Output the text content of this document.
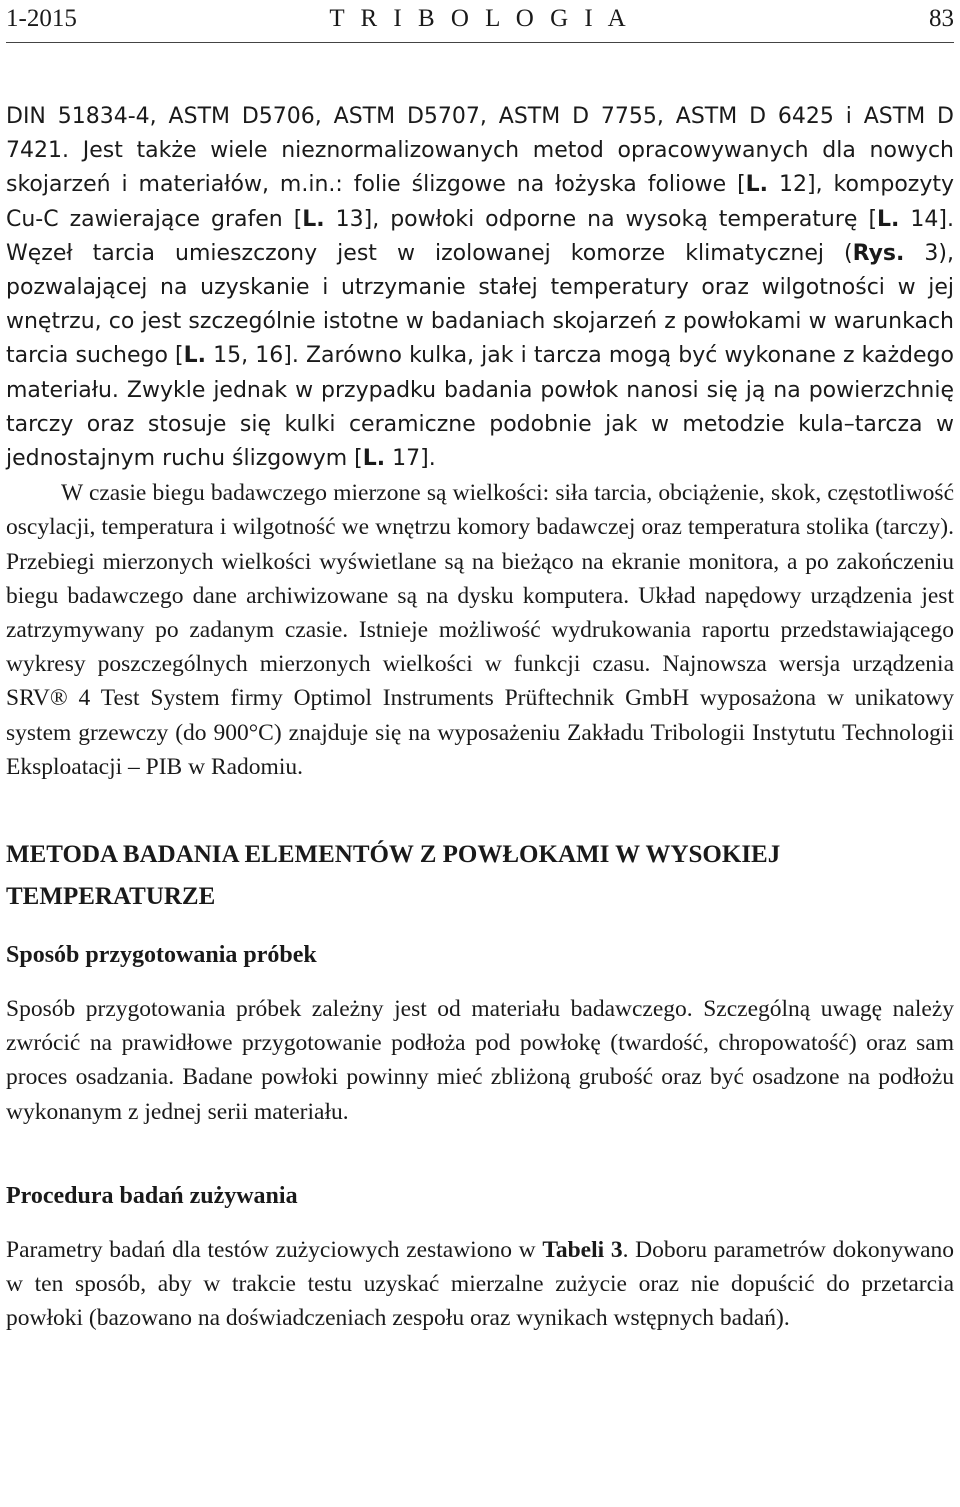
1-2015	T R I B O L O G I A	83

DIN 51834-4, ASTM D5706, ASTM D5707, ASTM D 7755, ASTM D 6425 i ASTM D 7421. Jest także wiele nieznormalizowanych metod opracowywanych dla nowych skojarzeń i materiałów, m.in.: folie ślizgowe na łożyska foliowe [L. 12], kompozyty Cu-C zawierające grafen [L. 13], powłoki odporne na wysoką temperaturę [L. 14]. Węzeł tarcia umieszczony jest w izolowanej komorze klimatycznej (Rys. 3), pozwalającej na uzyskanie i utrzymanie stałej temperatury oraz wilgotności w jej wnętrzu, co jest szczególnie istotne w badaniach skojarzeń z powłokami w warunkach tarcia suchego [L. 15, 16]. Zarówno kulka, jak i tarcza mogą być wykonane z każdego materiału. Zwykle jednak w przypadku badania powłok nanosi się ją na powierzchnię tarczy oraz stosuje się kulki ceramiczne podobnie jak w metodzie kula–tarcza w jednostajnym ruchu ślizgowym [L. 17].

W czasie biegu badawczego mierzone są wielkości: siła tarcia, obciążenie, skok, częstotliwość oscylacji, temperatura i wilgotność we wnętrzu komory badawczej oraz temperatura stolika (tarczy). Przebiegi mierzonych wielkości wyświetlane są na bieżąco na ekranie monitora, a po zakończeniu biegu badawczego dane archiwizowane są na dysku komputera. Układ napędowy urządzenia jest zatrzymywany po zadanym czasie. Istnieje możliwość wydrukowania raportu przedstawiającego wykresy poszczególnych mierzonych wielkości w funkcji czasu. Najnowsza wersja urządzenia SRV® 4 Test System firmy Optimol Instruments Prüftechnik GmbH wyposażona w unikatowy system grzewczy (do 900°C) znajduje się na wyposażeniu Zakładu Tribologii Instytutu Technologii Eksploatacji – PIB w Radomiu.

METODA BADANIA ELEMENTÓW Z POWŁOKAMI W WYSOKIEJ TEMPERATURZE
Sposób przygotowania próbek

Sposób przygotowania próbek zależny jest od materiału badawczego. Szczególną uwagę należy zwrócić na prawidłowe przygotowanie podłoża pod powłokę (twardość, chropowatość) oraz sam proces osadzania. Badane powłoki powinny mieć zbliżoną grubość oraz być osadzone na podłożu wykonanym z jednej serii materiału.

Procedura badań zużywania

Parametry badań dla testów zużyciowych zestawiono w Tabeli 3. Doboru parametrów dokonywano w ten sposób, aby w trakcie testu uzyskać mierzalne zużycie oraz nie dopuścić do przetarcia powłoki (bazowano na doświadczeniach zespołu oraz wynikach wstępnych badań).
